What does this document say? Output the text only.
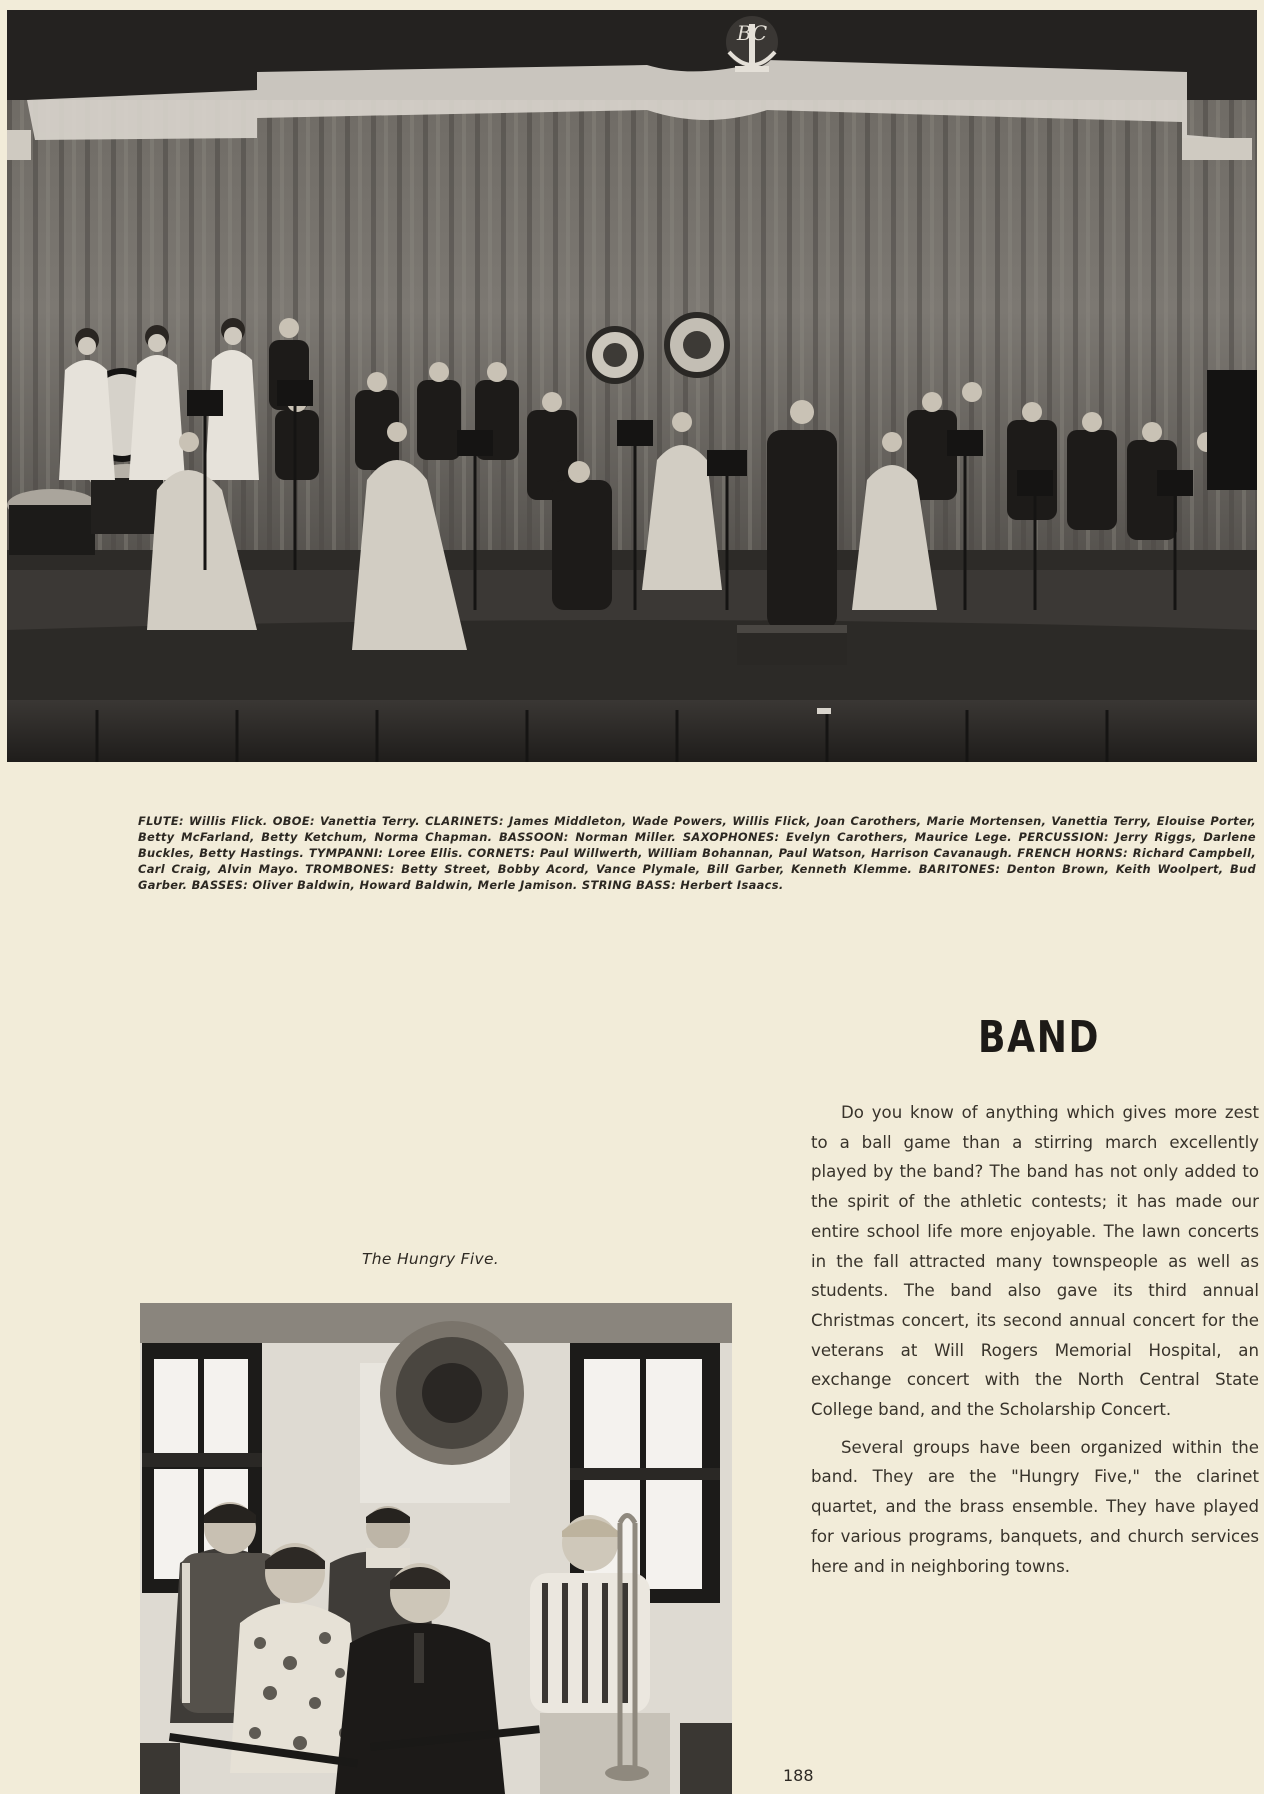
BC
FLUTE: Willis Flick. OBOE: Vanettia Terry. CLARINETS: James Middleton, Wade Powers, Willis Flick, Joan Carothers, Marie Mortensen, Vanettia Terry, Elouise Porter, Betty McFarland, Betty Ketchum, Norma Chapman. BASSOON: Norman Miller. SAXOPHONES: Evelyn Carothers, Maurice Lege. PERCUSSION: Jerry Riggs, Darlene Buckles, Betty Hastings. TYMPANNI: Loree Ellis. CORNETS: Paul Willwerth, William Bohannan, Paul Watson, Harrison Cavanaugh. FRENCH HORNS: Richard Campbell, Carl Craig, Alvin Mayo. TROMBONES: Betty Street, Bobby Acord, Vance Plymale, Bill Garber, Kenneth Klemme. BARITONES: Denton Brown, Keith Woolpert, Bud Garber. BASSES: Oliver Baldwin, Howard Baldwin, Merle Jamison. STRING BASS: Herbert Isaacs.
BAND

Do you know of anything which gives more zest to a ball game than a stirring march excellently played by the band? The band has not only added to the spirit of the athletic contests; it has made our entire school life more enjoyable. The lawn concerts in the fall attracted many townspeople as well as students. The band also gave its third annual Christmas concert, its second annual concert for the veterans at Will Rogers Memorial Hospital, an exchange concert with the North Central State College band, and the Scholarship Concert.

Several groups have been organized within the band. They are the "Hungry Five," the clarinet quartet, and the brass ensemble. They have played for various programs, banquets, and church services here and in neighboring towns.

The Hungry Five.
188
